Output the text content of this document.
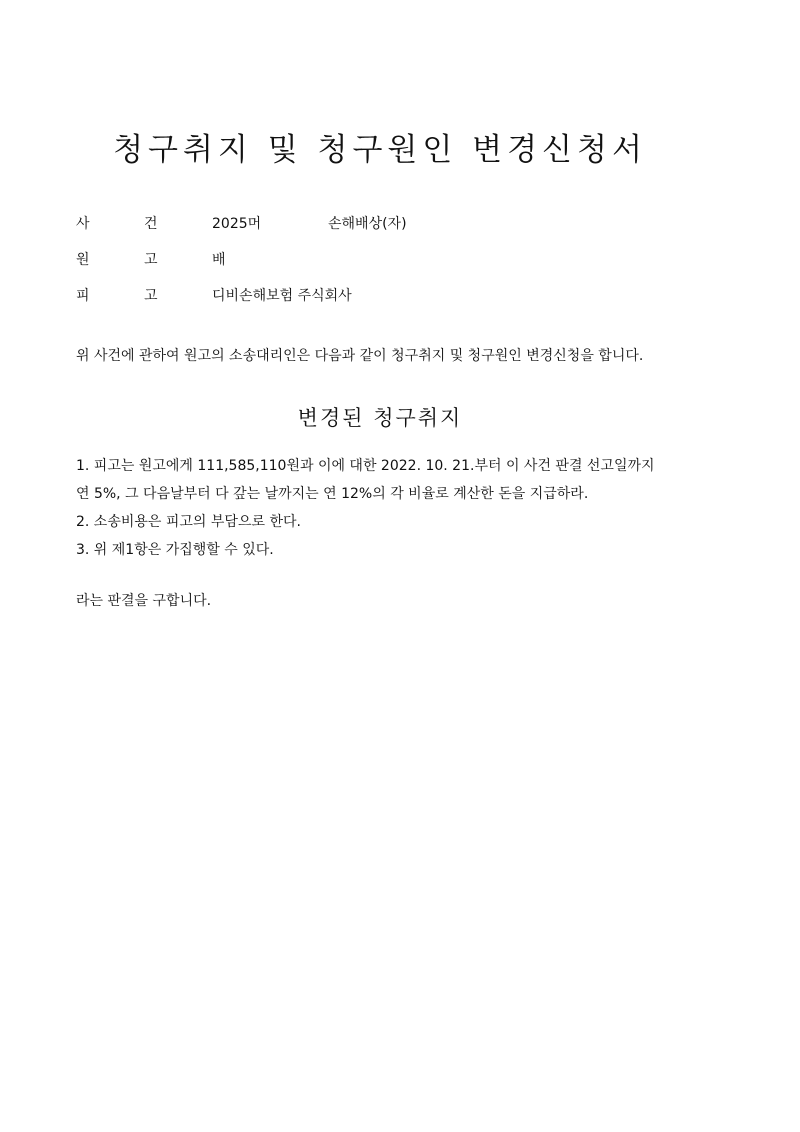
청구취지 및 청구원인 변경신청서
사	건	2025머	손해배상(자)
원	고	배
피	고	디비손해보험 주식회사

위 사건에 관하여 원고의 소송대리인은 다음과 같이 청구취지 및 청구원인 변경신청을 합니다.

변경된 청구취지
1. 피고는 원고에게 111,585,110원과 이에 대한 2022. 10. 21.부터 이 사건 판결 선고일까지
연 5%, 그 다음날부터 다 갚는 날까지는 연 12%의 각 비율로 계산한 돈을 지급하라.
2. 소송비용은 피고의 부담으로 한다.
3. 위 제1항은 가집행할 수 있다.

라는 판결을 구합니다.
